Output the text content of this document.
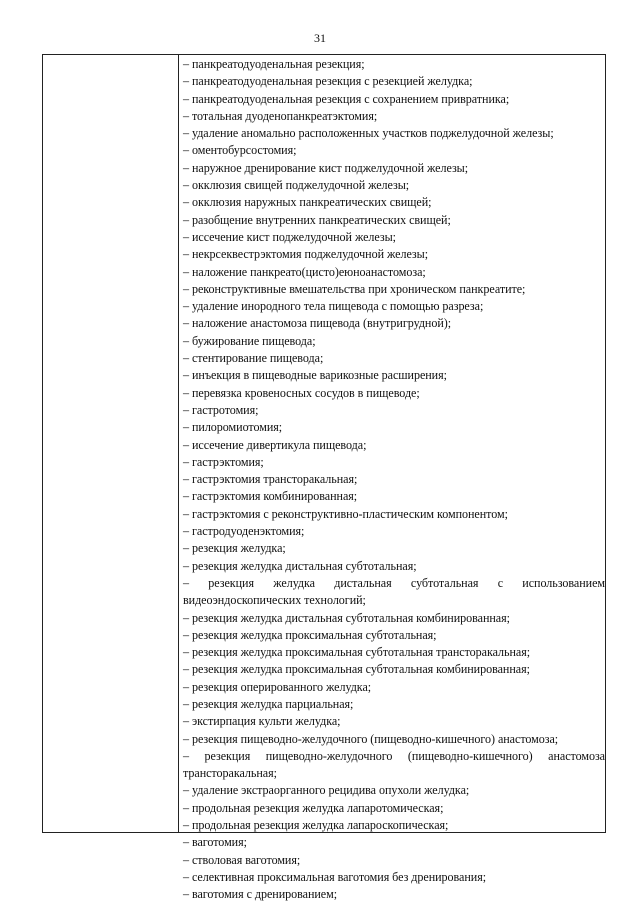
31
– панкреатодуоденальная резекция;
– панкреатодуоденальная резекция с резекцией желудка;
– панкреатодуоденальная резекция с сохранением привратника;
– тотальная дуоденопанкреатэктомия;
– удаление аномально расположенных участков поджелудочной железы;
– оментобурсостомия;
– наружное дренирование кист поджелудочной железы;
– окклюзия свищей поджелудочной железы;
– окклюзия наружных панкреатических свищей;
– разобщение внутренних панкреатических свищей;
– иссечение кист поджелудочной железы;
– некрсеквестрэктомия поджелудочной железы;
– наложение панкреато(цисто)еюноанастомоза;
– реконструктивные вмешательства при хроническом панкреатите;
– удаление инородного тела пищевода с помощью разреза;
– наложение анастомоза пищевода (внутригрудной);
– бужирование пищевода;
– стентирование пищевода;
– инъекция в пищеводные варикозные расширения;
– перевязка кровеносных сосудов в пищеводе;
– гастротомия;
– пилоромиотомия;
– иссечение дивертикула пищевода;
– гастрэктомия;
– гастрэктомия трансторакальная;
– гастрэктомия комбинированная;
– гастрэктомия с реконструктивно-пластическим компонентом;
– гастродуоденэктомия;
– резекция желудка;
– резекция желудка дистальная субтотальная;
– резекция желудка дистальная субтотальная с использованием
видеоэндоскопических технологий;
– резекция желудка дистальная субтотальная комбинированная;
– резекция желудка проксимальная субтотальная;
– резекция желудка проксимальная субтотальная трансторакальная;
– резекция желудка проксимальная субтотальная комбинированная;
– резекция оперированного желудка;
– резекция желудка парциальная;
– экстирпация культи желудка;
– резекция пищеводно-желудочного (пищеводно-кишечного) анастомоза;
– резекция пищеводно-желудочного (пищеводно-кишечного) анастомоза
трансторакальная;
– удаление экстраорганного рецидива опухоли желудка;
– продольная резекция желудка лапаротомическая;
– продольная резекция желудка лапароскопическая;
– ваготомия;
– стволовая ваготомия;
– селективная проксимальная ваготомия без дренирования;
– ваготомия с дренированием;
